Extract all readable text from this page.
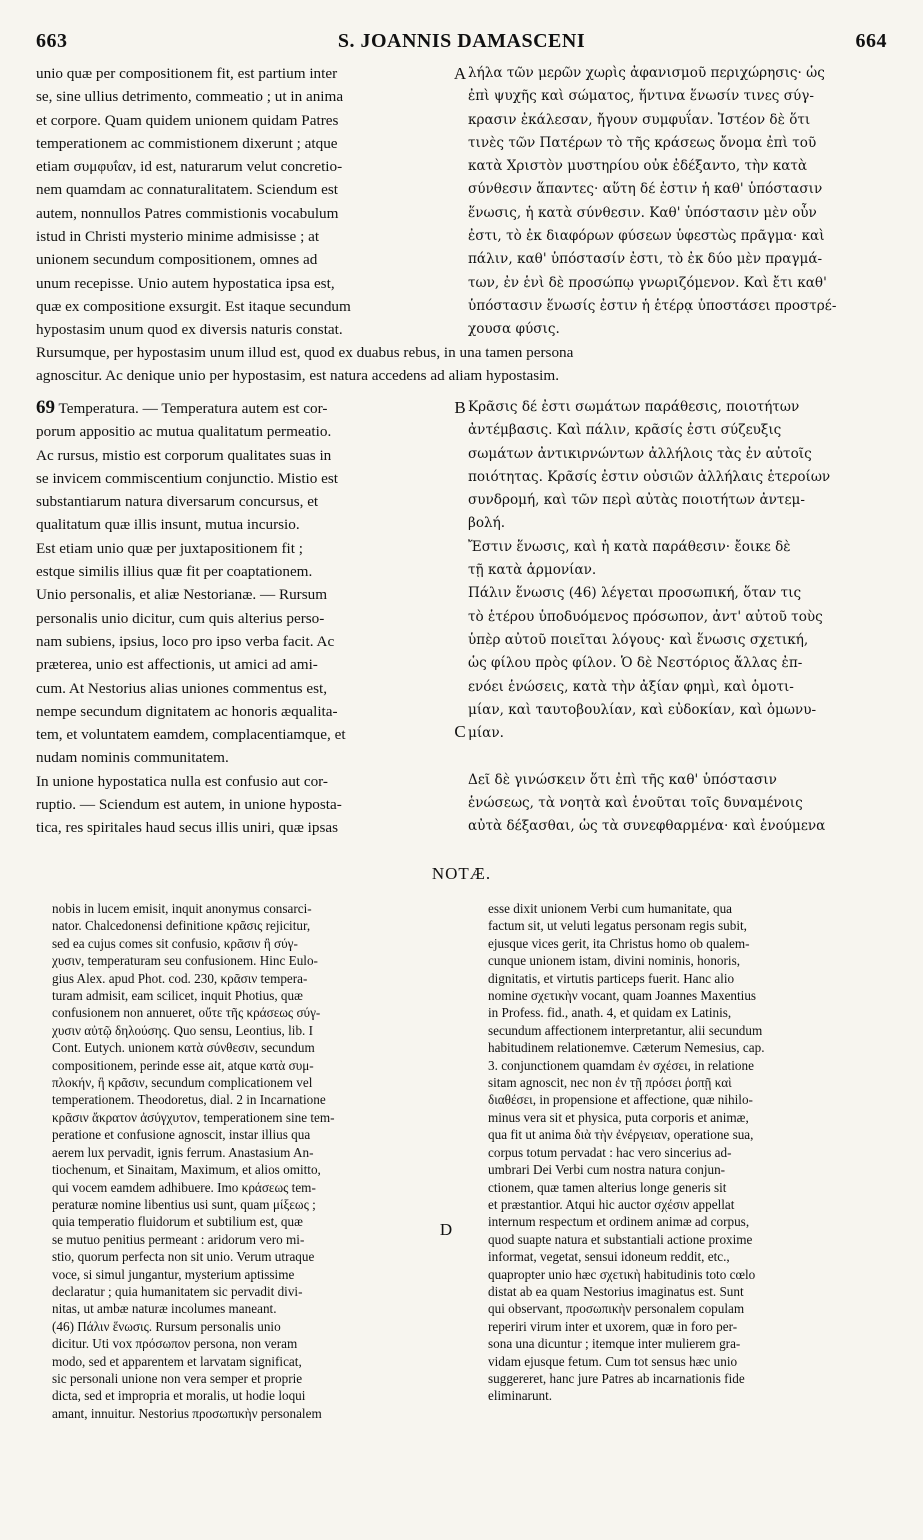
663	S. JOANNIS DAMASCENI	664
A
B
C
D
unio quæ per compositionem fit, est partium inter
se, sine ullius detrimento, commeatio ; ut in anima
et corpore. Quam quidem unionem quidam Patres
temperationem ac commistionem dixerunt ; atque
etiam συμφυΐαν, id est, naturarum velut concretio-
nem quamdam ac connaturalitatem. Sciendum est
autem, nonnullos Patres commistionis vocabulum
istud in Christi mysterio minime admisisse ; at
unionem secundum compositionem, omnes ad
unum recepisse. Unio autem hypostatica ipsa est,
quæ ex compositione exsurgit. Est itaque secundum
hypostasim unum quod ex diversis naturis constat.
λήλα τῶν μερῶν χωρὶς ἀφανισμοῦ περιχώρησις· ὡς
ἐπὶ ψυχῆς καὶ σώματος, ἥντινα ἕνωσίν τινες σύγ-
κρασιν ἐκάλεσαν, ἤγουν συμφυΐαν. Ἰστέον δὲ ὅτι
τινὲς τῶν Πατέρων τὸ τῆς κράσεως ὄνομα ἐπὶ τοῦ
κατὰ Χριστὸν μυστηρίου οὐκ ἐδέξαντο, τὴν κατὰ
σύνθεσιν ἅπαντες· αὕτη δέ ἐστιν ἡ καθ' ὑπόστασιν
ἕνωσις, ἡ κατὰ σύνθεσιν. Καθ' ὑπόστασιν μὲν οὖν
ἐστι, τὸ ἐκ διαφόρων φύσεων ὑφεστὼς πρᾶγμα· καὶ
πάλιν, καθ' ὑπόστασίν ἐστι, τὸ ἐκ δύο μὲν πραγμά-
των, ἐν ἑνὶ δὲ προσώπῳ γνωριζόμενον. Καὶ ἔτι καθ'
ὑπόστασιν ἕνωσίς ἐστιν ἡ ἑτέρᾳ ὑποστάσει προστρέ-
χουσα φύσις.
Rursumque, per hypostasim unum illud est, quod ex duabus rebus, in una tamen persona
agnoscitur. Ac denique unio per hypostasim, est natura accedens ad aliam hypostasim.
69 Temperatura. — Temperatura autem est cor-
porum appositio ac mutua qualitatum permeatio.
Ac rursus, mistio est corporum qualitates suas in
se invicem commiscentium conjunctio. Mistio est
substantiarum natura diversarum concursus, et
qualitatum quæ illis insunt, mutua incursio.
Est etiam unio quæ per juxtapositionem fit ;
estque similis illius quæ fit per coaptationem.
Unio personalis, et aliæ Nestorianæ. — Rursum
personalis unio dicitur, cum quis alterius perso-
nam subiens, ipsius, loco pro ipso verba facit. Ac
præterea, unio est affectionis, ut amici ad ami-
cum. At Nestorius alias uniones commentus est,
nempe secundum dignitatem ac honoris æqualita-
tem, et voluntatem eamdem, complacentiamque, et
nudam nominis communitatem.
In unione hypostatica nulla est confusio aut cor-
ruptio. — Sciendum est autem, in unione hyposta-
tica, res spiritales haud secus illis uniri, quæ ipsas
Κρᾶσις δέ ἐστι σωμάτων παράθεσις, ποιοτήτων
ἀντέμβασις. Καὶ πάλιν, κρᾶσίς ἐστι σύζευξις
σωμάτων ἀντικιρνώντων ἀλλήλοις τὰς ἐν αὐτοῖς
ποιότητας. Κρᾶσίς ἐστιν οὐσιῶν ἀλλήλαις ἑτεροίων
συνδρομή, καὶ τῶν περὶ αὐτὰς ποιοτήτων ἀντεμ-
βολή.
Ἔστιν ἕνωσις, καὶ ἡ κατὰ παράθεσιν· ἔοικε δὲ
τῇ κατὰ ἁρμονίαν.
Πάλιν ἕνωσις (46) λέγεται προσωπική, ὅταν τις
τὸ ἑτέρου ὑποδυόμενος πρόσωπον, ἀντ' αὐτοῦ τοὺς
ὑπὲρ αὐτοῦ ποιεῖται λόγους· καὶ ἕνωσις σχετική,
ὡς φίλου πρὸς φίλον. Ὁ δὲ Νεστόριος ἄλλας ἐπ-
ενόει ἑνώσεις, κατὰ τὴν ἀξίαν φημὶ, καὶ ὁμοτι-
μίαν, καὶ ταυτοβουλίαν, καὶ εὐδοκίαν, καὶ ὁμωνυ-
μίαν.

Δεῖ δὲ γινώσκειν ὅτι ἐπὶ τῆς καθ' ὑπόστασιν
ἑνώσεως, τὰ νοητὰ καὶ ἑνοῦται τοῖς δυναμένοις
αὐτὰ δέξασθαι, ὡς τὰ συνεφθαρμένα· καὶ ἑνούμενα
NOTÆ.
nobis in lucem emisit, inquit anonymus consarci-
nator. Chalcedonensi definitione κρᾶσις rejicitur,
sed ea cujus comes sit confusio, κρᾶσιν ἢ σύγ-
χυσιν, temperaturam seu confusionem. Hinc Eulo-
gius Alex. apud Phot. cod. 230, κρᾶσιν tempera-
turam admisit, eam scilicet, inquit Photius, quæ
confusionem non annueret, οὔτε τῆς κράσεως σύγ-
χυσιν αὐτῷ δηλούσης. Quo sensu, Leontius, lib. I
Cont. Eutych. unionem κατὰ σύνθεσιν, secundum
compositionem, perinde esse ait, atque κατὰ συμ-
πλοκήν, ἢ κρᾶσιν, secundum complicationem vel
temperationem. Theodoretus, dial. 2 in Incarnatione
κρᾶσιν ἄκρατον ἀσύγχυτον, temperationem sine tem-
peratione et confusione agnoscit, instar illius qua
aerem lux pervadit, ignis ferrum. Anastasium An-
tiochenum, et Sinaitam, Maximum, et alios omitto,
qui vocem eamdem adhibuere. Imo κράσεως tem-
peraturæ nomine libentius usi sunt, quam μίξεως ;
quia temperatio fluidorum et subtilium est, quæ
se mutuo penitius permeant : aridorum vero mi-
stio, quorum perfecta non sit unio. Verum utraque
voce, si simul jungantur, mysterium aptissime
declaratur ; quia humanitatem sic pervadit divi-
nitas, ut ambæ naturæ incolumes maneant.
(46) Πάλιν ἕνωσις. Rursum personalis unio
dicitur. Uti vox πρόσωπον persona, non veram
modo, sed et apparentem et larvatam significat,
sic personali unione non vera semper et proprie
dicta, sed et impropria et moralis, ut hodie loqui
amant, innuitur. Nestorius προσωπικὴν personalem
esse dixit unionem Verbi cum humanitate, qua
factum sit, ut veluti legatus personam regis subit,
ejusque vices gerit, ita Christus homo ob qualem-
cunque unionem istam, divini nominis, honoris,
dignitatis, et virtutis particeps fuerit. Hanc alio
nomine σχετικὴν vocant, quam Joannes Maxentius
in Profess. fid., anath. 4, et quidam ex Latinis,
secundum affectionem interpretantur, alii secundum
habitudinem relationemve. Cæterum Nemesius, cap.
3. conjunctionem quamdam ἐν σχέσει, in relatione
sitam agnoscit, nec non ἐν τῇ πρόσει ῥοπῇ καὶ
διαθέσει, in propensione et affectione, quæ nihilo-
minus vera sit et physica, puta corporis et animæ,
qua fit ut anima διὰ τὴν ἐνέργειαν, operatione sua,
corpus totum pervadat : hac vero sincerius ad-
umbrari Dei Verbi cum nostra natura conjun-
ctionem, quæ tamen alterius longe generis sit
et præstantior. Atqui hic auctor σχέσιν appellat
internum respectum et ordinem animæ ad corpus,
quod suapte natura et substantiali actione proxime
informat, vegetat, sensui idoneum reddit, etc.,
quapropter unio hæc σχετικὴ habitudinis toto cœlo
distat ab ea quam Nestorius imaginatus est. Sunt
qui observant, προσωπικὴν personalem copulam
reperiri virum inter et uxorem, quæ in foro per-
sona una dicuntur ; itemque inter mulierem gra-
vidam ejusque fetum. Cum tot sensus hæc unio
suggereret, hanc jure Patres ab incarnationis fide
eliminarunt.
